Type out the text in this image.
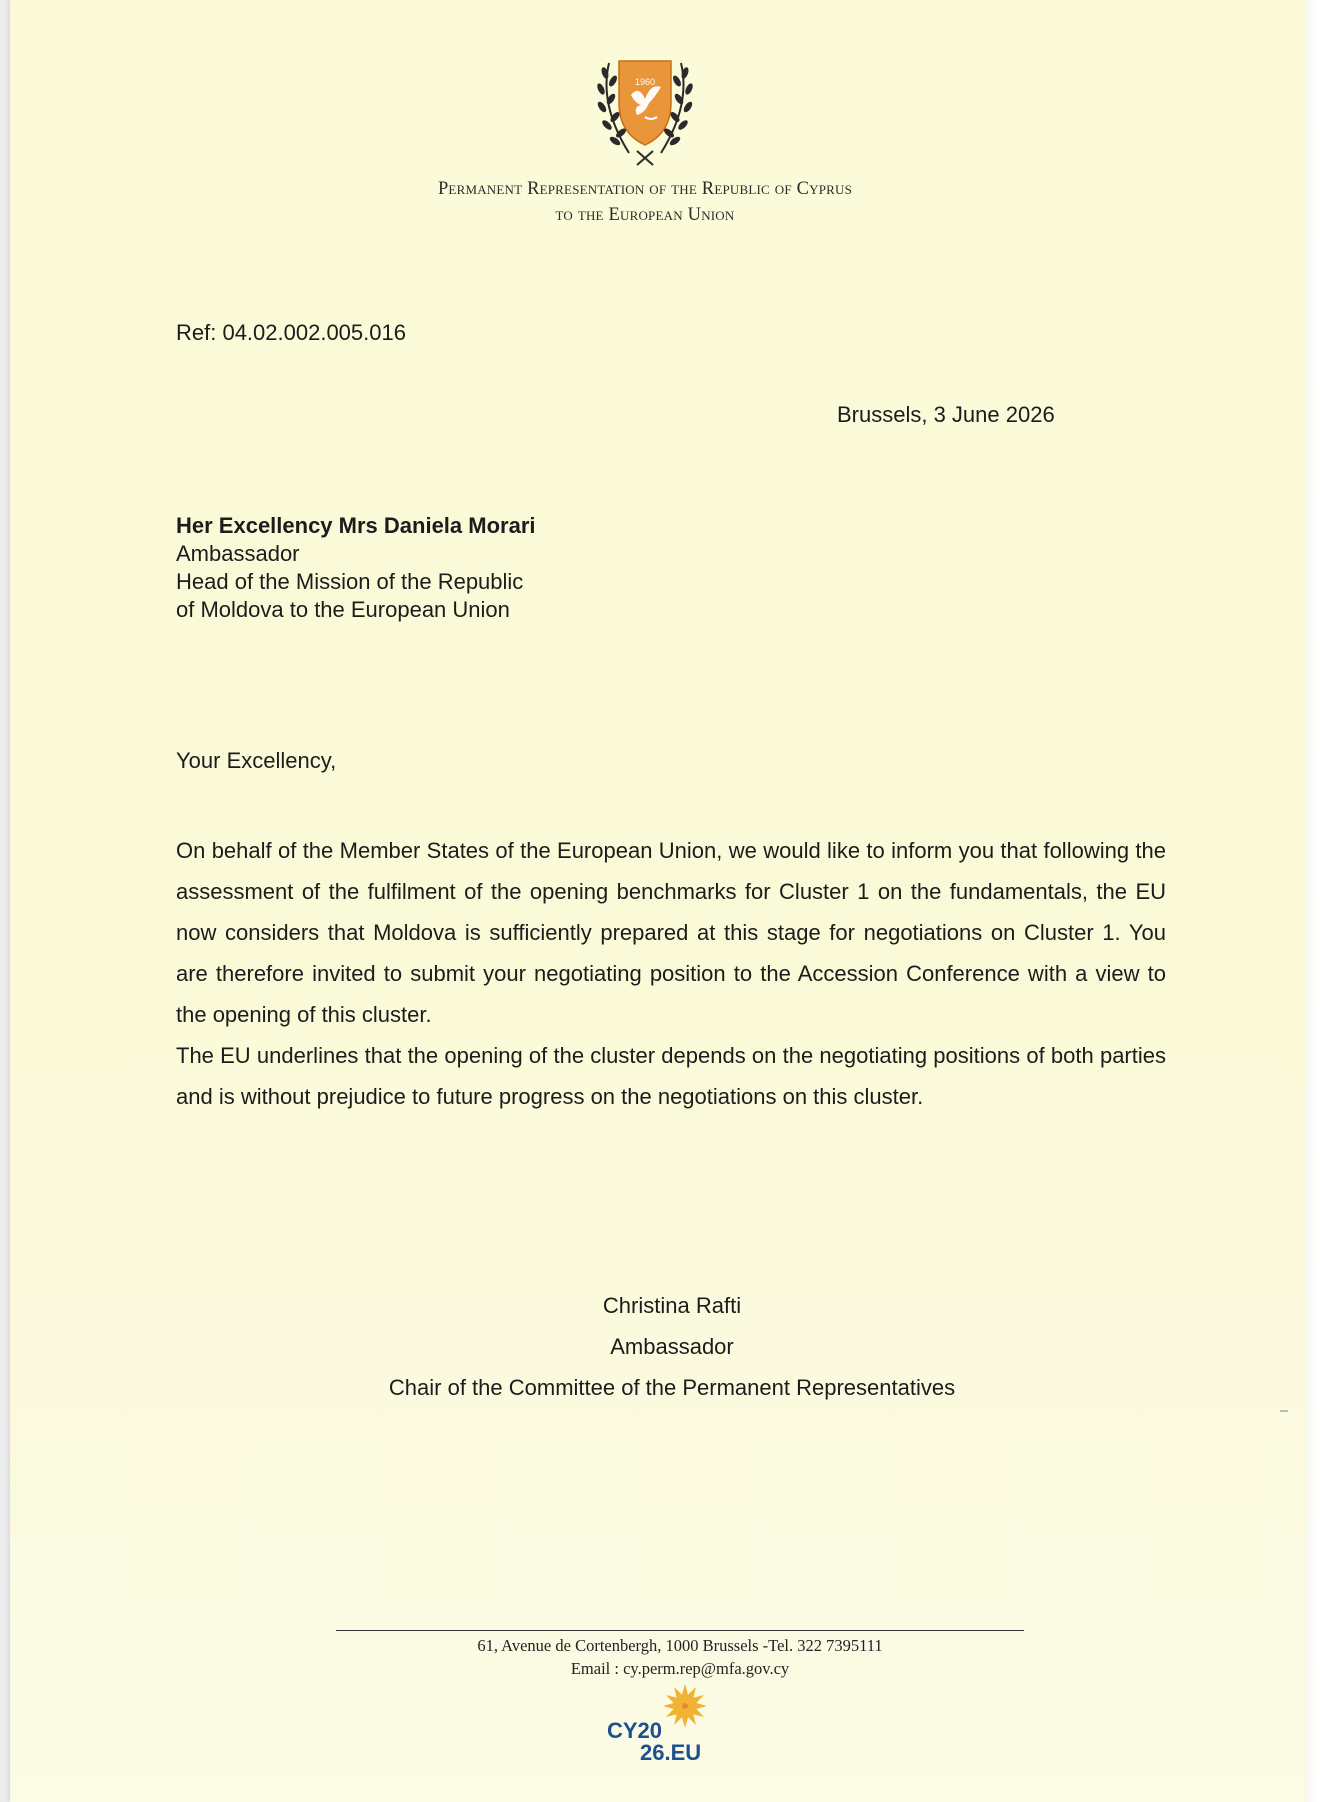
1960
Permanent Representation of the Republic of Cyprus
to the European Union
Ref: 04.02.002.005.016
Brussels, 3 June 2026
Her Excellency Mrs Daniela Morari
Ambassador
Head of the Mission of the Republic
of Moldova to the European Union
Your Excellency,

On behalf of the Member States of the European Union, we would like to inform you that following the assessment of the fulfilment of the opening benchmarks for Cluster 1 on the fundamentals, the EU now considers that Moldova is sufficiently prepared at this stage for negotiations on Cluster 1. You are therefore invited to submit your negotiating position to the Accession Conference with a view to the opening of this cluster.

The EU underlines that the opening of the cluster depends on the negotiating positions of both parties and is without prejudice to future progress on the negotiations on this cluster.

Christina Rafti
Ambassador
Chair of the Committee of the Permanent Representatives
61, Avenue de Cortenbergh, 1000 Brussels -Tel. 322 7395111
Email : cy.perm.rep@mfa.gov.cy
CY20
26.EU
